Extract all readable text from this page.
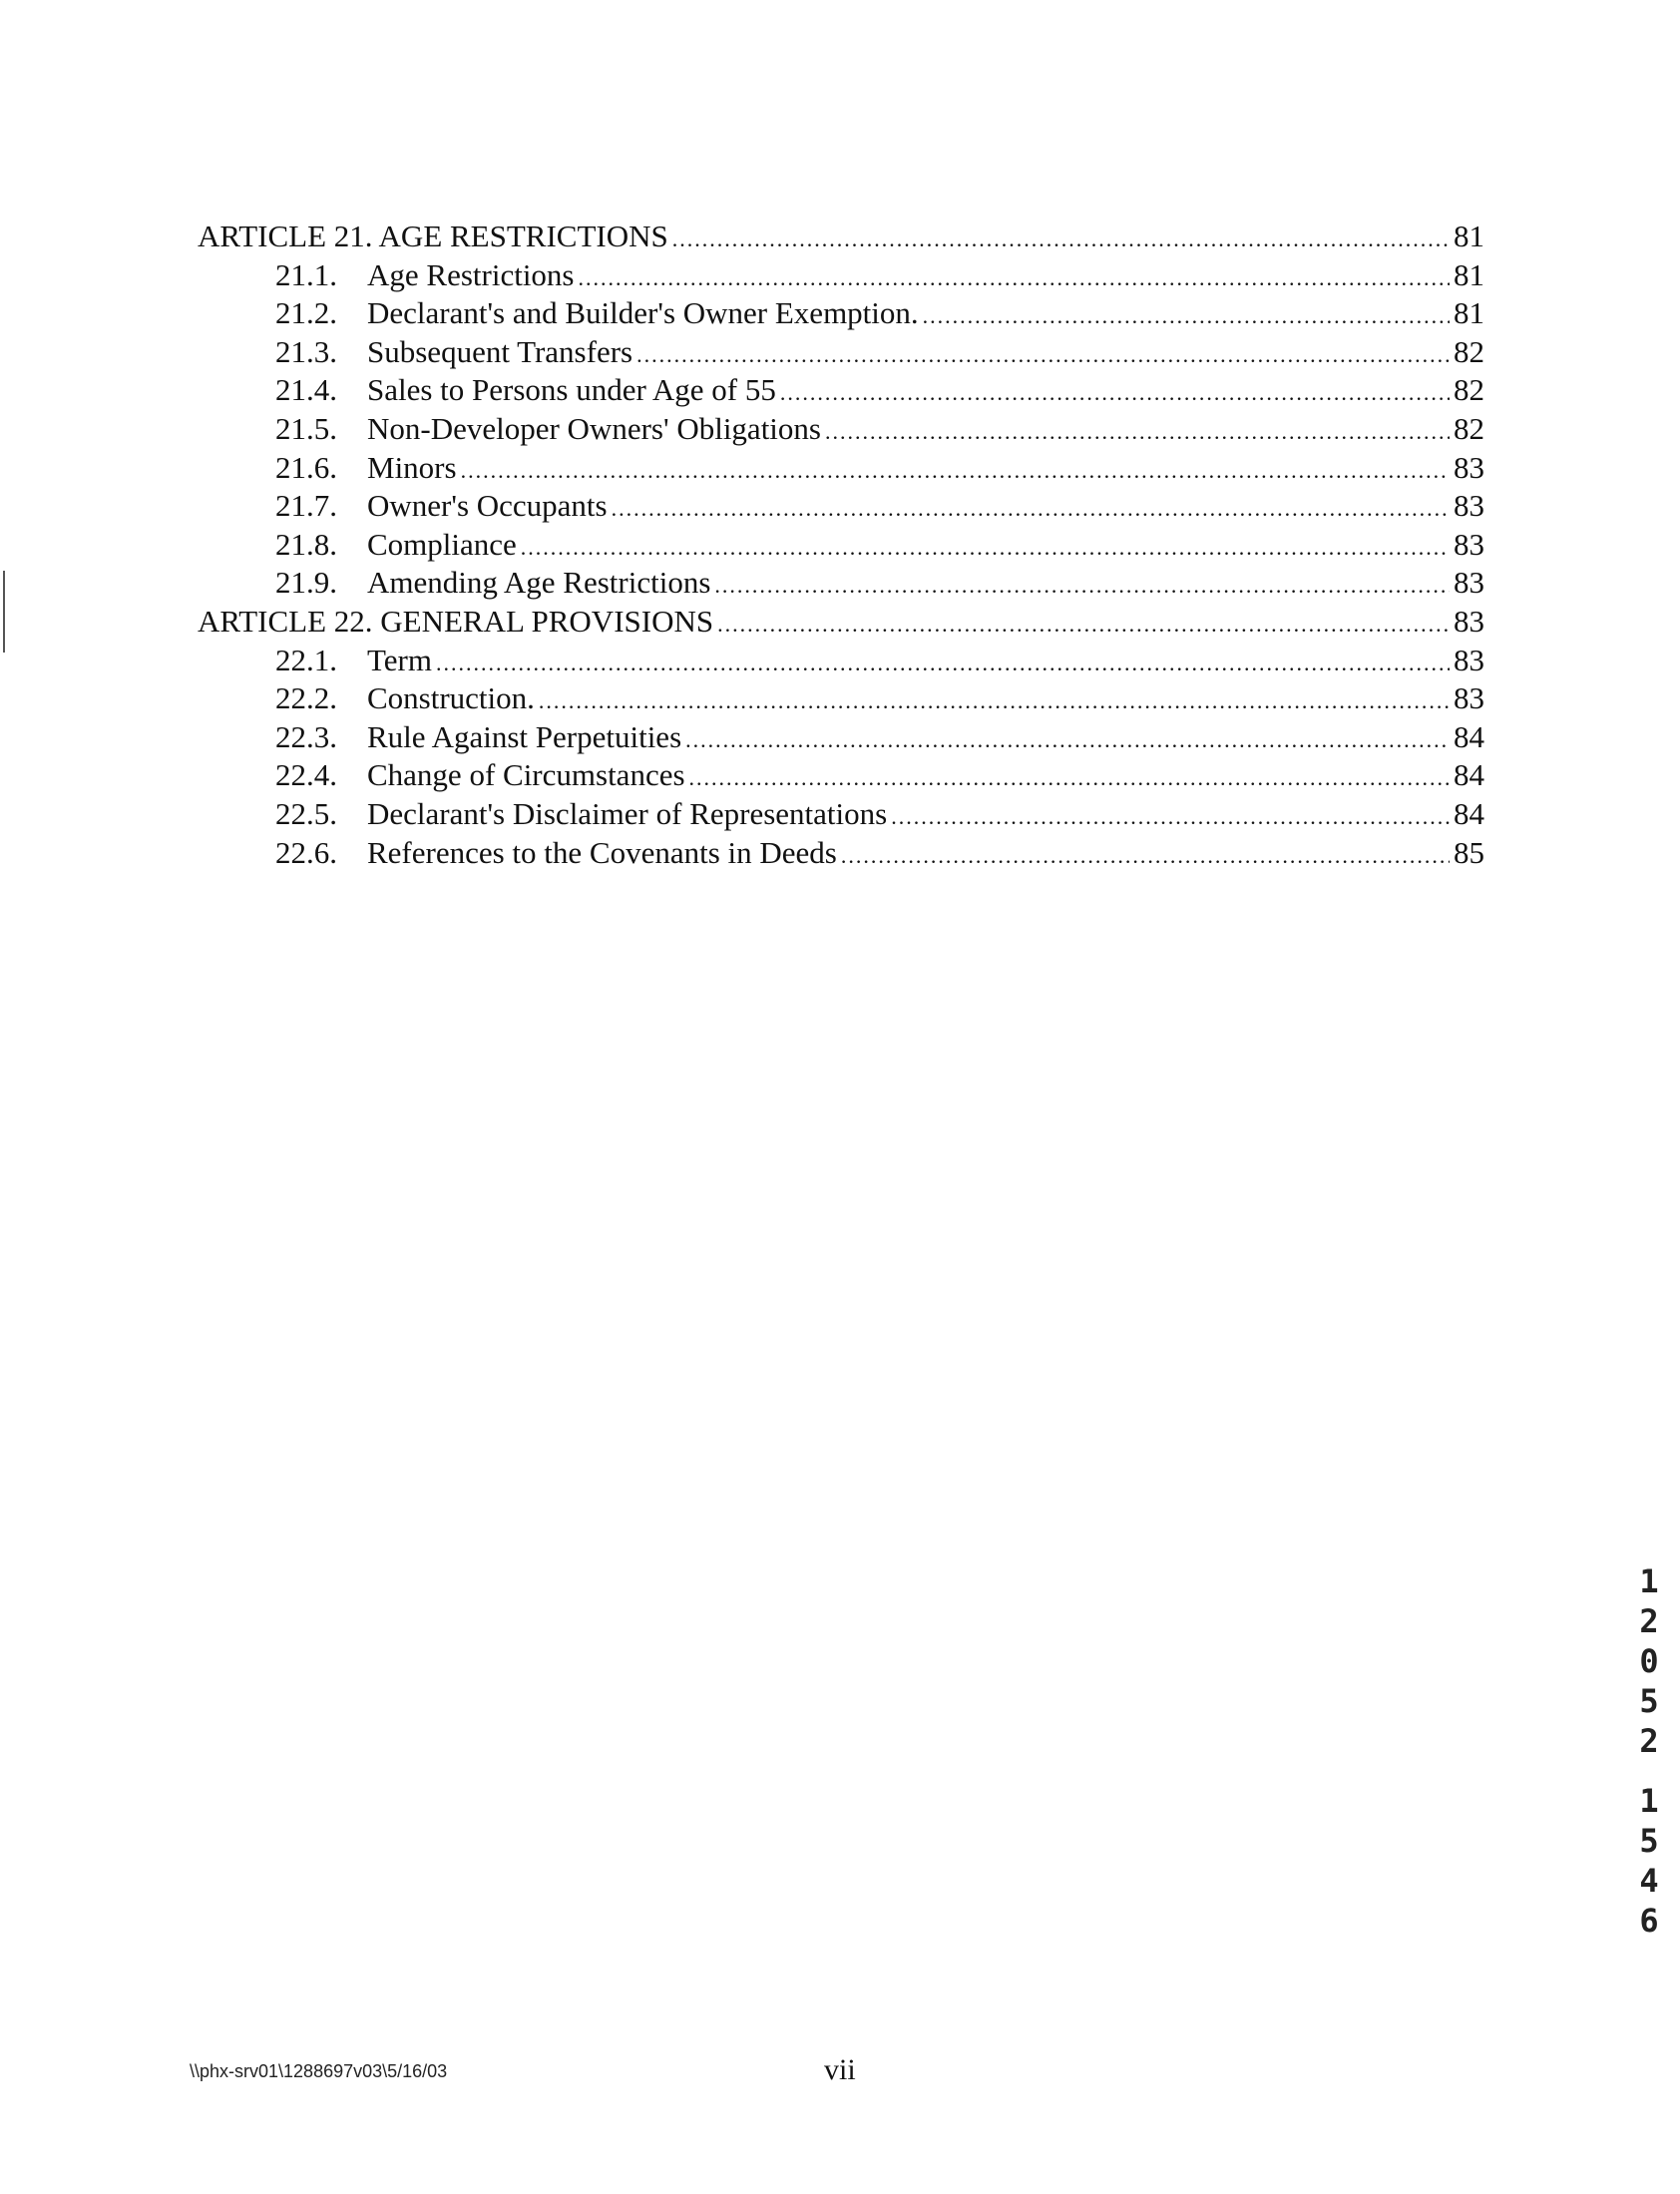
ARTICLE 21. AGE RESTRICTIONS .....	81
21.1. Age Restrictions .....	81
21.2. Declarant's and Builder's Owner Exemption. .....	81
21.3. Subsequent Transfers .....	82
21.4. Sales to Persons under Age of 55 .....	82
21.5. Non-Developer Owners' Obligations .....	82
21.6. Minors .....	83
21.7. Owner's Occupants .....	83
21.8. Compliance .....	83
21.9. Amending Age Restrictions .....	83
ARTICLE 22. GENERAL PROVISIONS .....	83
22.1. Term .....	83
22.2. Construction. .....	83
22.3. Rule Against Perpetuities .....	84
22.4. Change of Circumstances .....	84
22.5. Declarant's Disclaimer of Representations .....	84
22.6. References to the Covenants in Deeds .....	85
\\phx-srv01\1288697v03\5/16/03	vii
1
2
0
5
2
1
5
4
6
